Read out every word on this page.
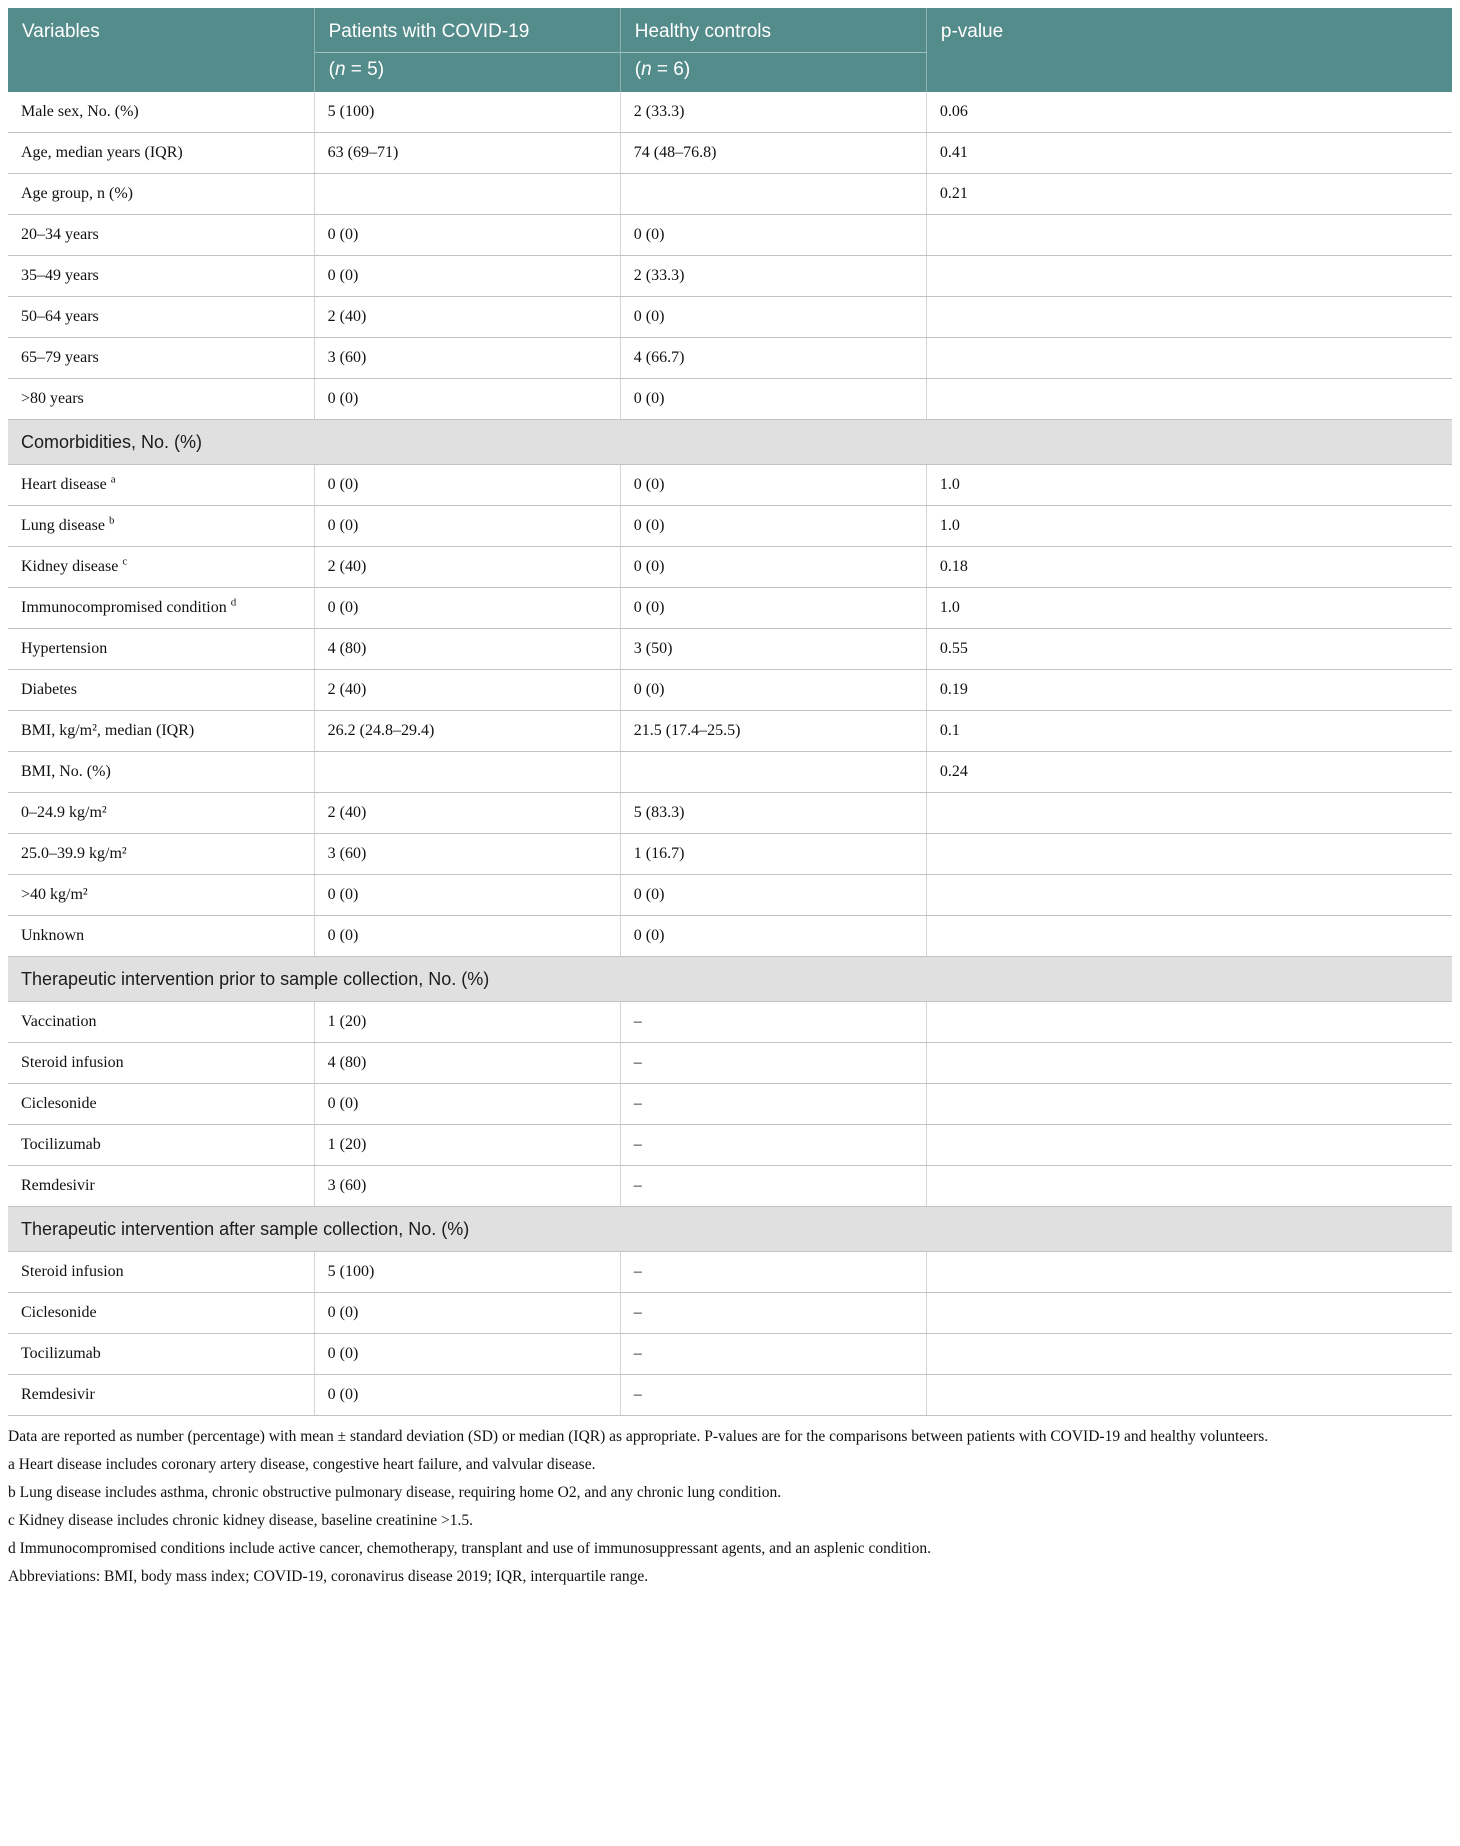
Variables	Patients with COVID-19	Healthy controls	p-value
	(n = 5)	(n = 6)	
Male sex, No. (%)	5 (100)	2 (33.3)	0.06
Age, median years (IQR)	63 (69–71)	74 (48–76.8)	0.41
Age group, n (%)			0.21
20–34 years	0 (0)	0 (0)	
35–49 years	0 (0)	2 (33.3)	
50–64 years	2 (40)	0 (0)	
65–79 years	3 (60)	4 (66.7)	
>80 years	0 (0)	0 (0)	
Comorbidities, No. (%)			
Heart disease $^a$	0 (0)	0 (0)	1.0
Lung disease $^b$	0 (0)	0 (0)	1.0
Kidney disease $^c$	2 (40)	0 (0)	0.18
Immunocompromised condition $^d$	0 (0)	0 (0)	1.0
Hypertension	4 (80)	3 (50)	0.55
Diabetes	2 (40)	0 (0)	0.19
BMI, kg/m², median (IQR)	26.2 (24.8–29.4)	21.5 (17.4–25.5)	0.1
BMI, No. (%)			0.24
0–24.9 kg/m²	2 (40)	5 (83.3)	
25.0–39.9 kg/m²	3 (60)	1 (16.7)	
>40 kg/m²	0 (0)	0 (0)	
Unknown	0 (0)	0 (0)	
Therapeutic intervention prior to sample collection, No. (%)			
Vaccination	1 (20)	–	
Steroid infusion	4 (80)	–	
Ciclesonide	0 (0)	–	
Tocilizumab	1 (20)	–	
Remdesivir	3 (60)	–	
Therapeutic intervention after sample collection, No. (%)			
Steroid infusion	5 (100)	–	
Ciclesonide	0 (0)	–	
Tocilizumab	0 (0)	–	
Remdesivir	0 (0)	–	

Data are reported as number (percentage) with mean ± standard deviation (SD) or median (IQR) as appropriate. P-values are for the comparisons between patients with COVID-19 and healthy volunteers.

a Heart disease includes coronary artery disease, congestive heart failure, and valvular disease.

b Lung disease includes asthma, chronic obstructive pulmonary disease, requiring home O2, and any chronic lung condition.

c Kidney disease includes chronic kidney disease, baseline creatinine >1.5.

d Immunocompromised conditions include active cancer, chemotherapy, transplant and use of immunosuppressant agents, and an asplenic condition.

Abbreviations: BMI, body mass index; COVID-19, coronavirus disease 2019; IQR, interquartile range.
